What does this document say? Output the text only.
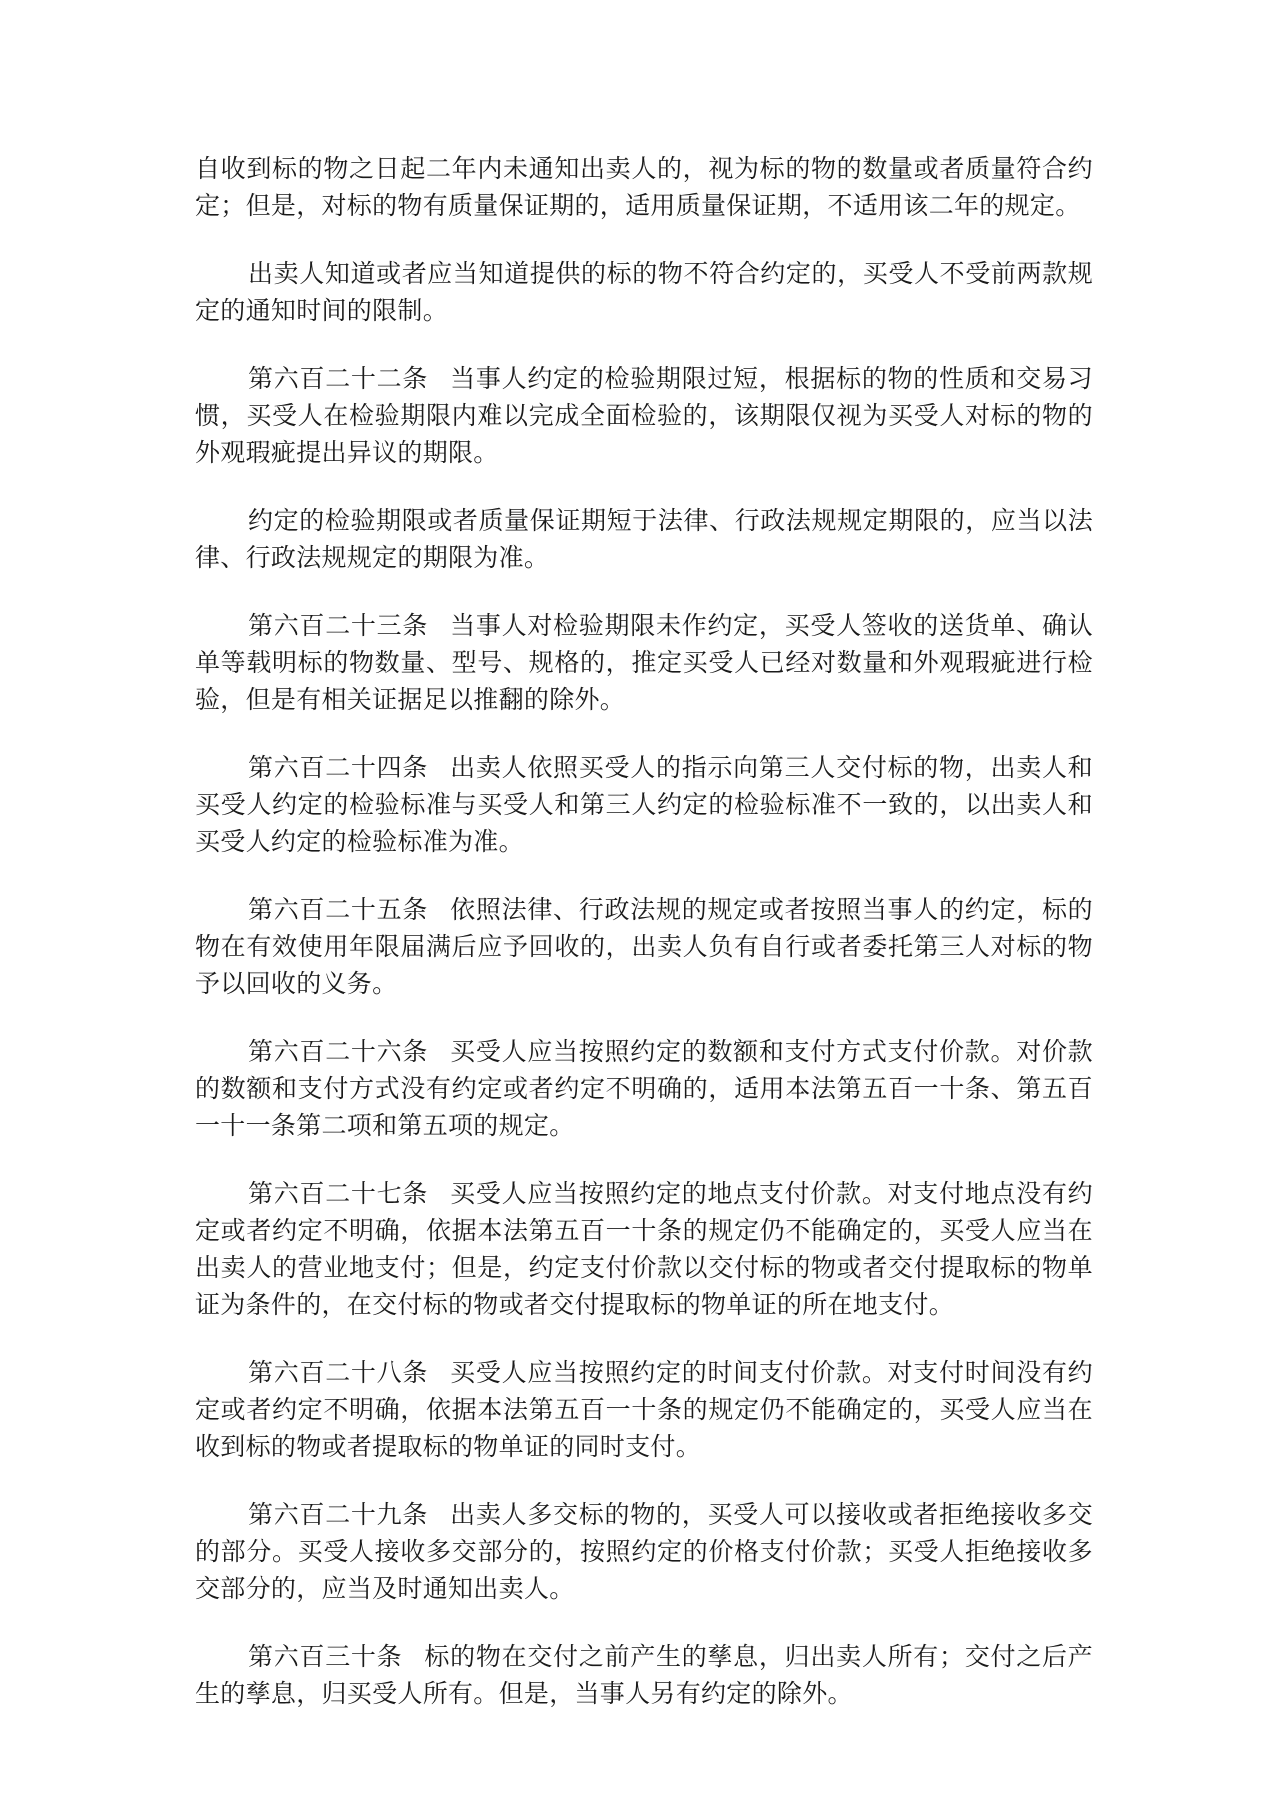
自收到标的物之日起二年内未通知出卖人的，视为标的物的数量或者质量符合约定；但是，对标的物有质量保证期的，适用质量保证期，不适用该二年的规定。

出卖人知道或者应当知道提供的标的物不符合约定的，买受人不受前两款规定的通知时间的限制。

第六百二十二条 当事人约定的检验期限过短，根据标的物的性质和交易习惯，买受人在检验期限内难以完成全面检验的，该期限仅视为买受人对标的物的外观瑕疵提出异议的期限。

约定的检验期限或者质量保证期短于法律、行政法规规定期限的，应当以法律、行政法规规定的期限为准。

第六百二十三条 当事人对检验期限未作约定，买受人签收的送货单、确认单等载明标的物数量、型号、规格的，推定买受人已经对数量和外观瑕疵进行检验，但是有相关证据足以推翻的除外。

第六百二十四条 出卖人依照买受人的指示向第三人交付标的物，出卖人和买受人约定的检验标准与买受人和第三人约定的检验标准不一致的，以出卖人和买受人约定的检验标准为准。

第六百二十五条 依照法律、行政法规的规定或者按照当事人的约定，标的物在有效使用年限届满后应予回收的，出卖人负有自行或者委托第三人对标的物予以回收的义务。

第六百二十六条 买受人应当按照约定的数额和支付方式支付价款。对价款的数额和支付方式没有约定或者约定不明确的，适用本法第五百一十条、第五百一十一条第二项和第五项的规定。

第六百二十七条 买受人应当按照约定的地点支付价款。对支付地点没有约定或者约定不明确，依据本法第五百一十条的规定仍不能确定的，买受人应当在出卖人的营业地支付；但是，约定支付价款以交付标的物或者交付提取标的物单证为条件的，在交付标的物或者交付提取标的物单证的所在地支付。

第六百二十八条 买受人应当按照约定的时间支付价款。对支付时间没有约定或者约定不明确，依据本法第五百一十条的规定仍不能确定的，买受人应当在收到标的物或者提取标的物单证的同时支付。

第六百二十九条 出卖人多交标的物的，买受人可以接收或者拒绝接收多交的部分。买受人接收多交部分的，按照约定的价格支付价款；买受人拒绝接收多交部分的，应当及时通知出卖人。

第六百三十条 标的物在交付之前产生的孳息，归出卖人所有；交付之后产生的孳息，归买受人所有。但是，当事人另有约定的除外。
